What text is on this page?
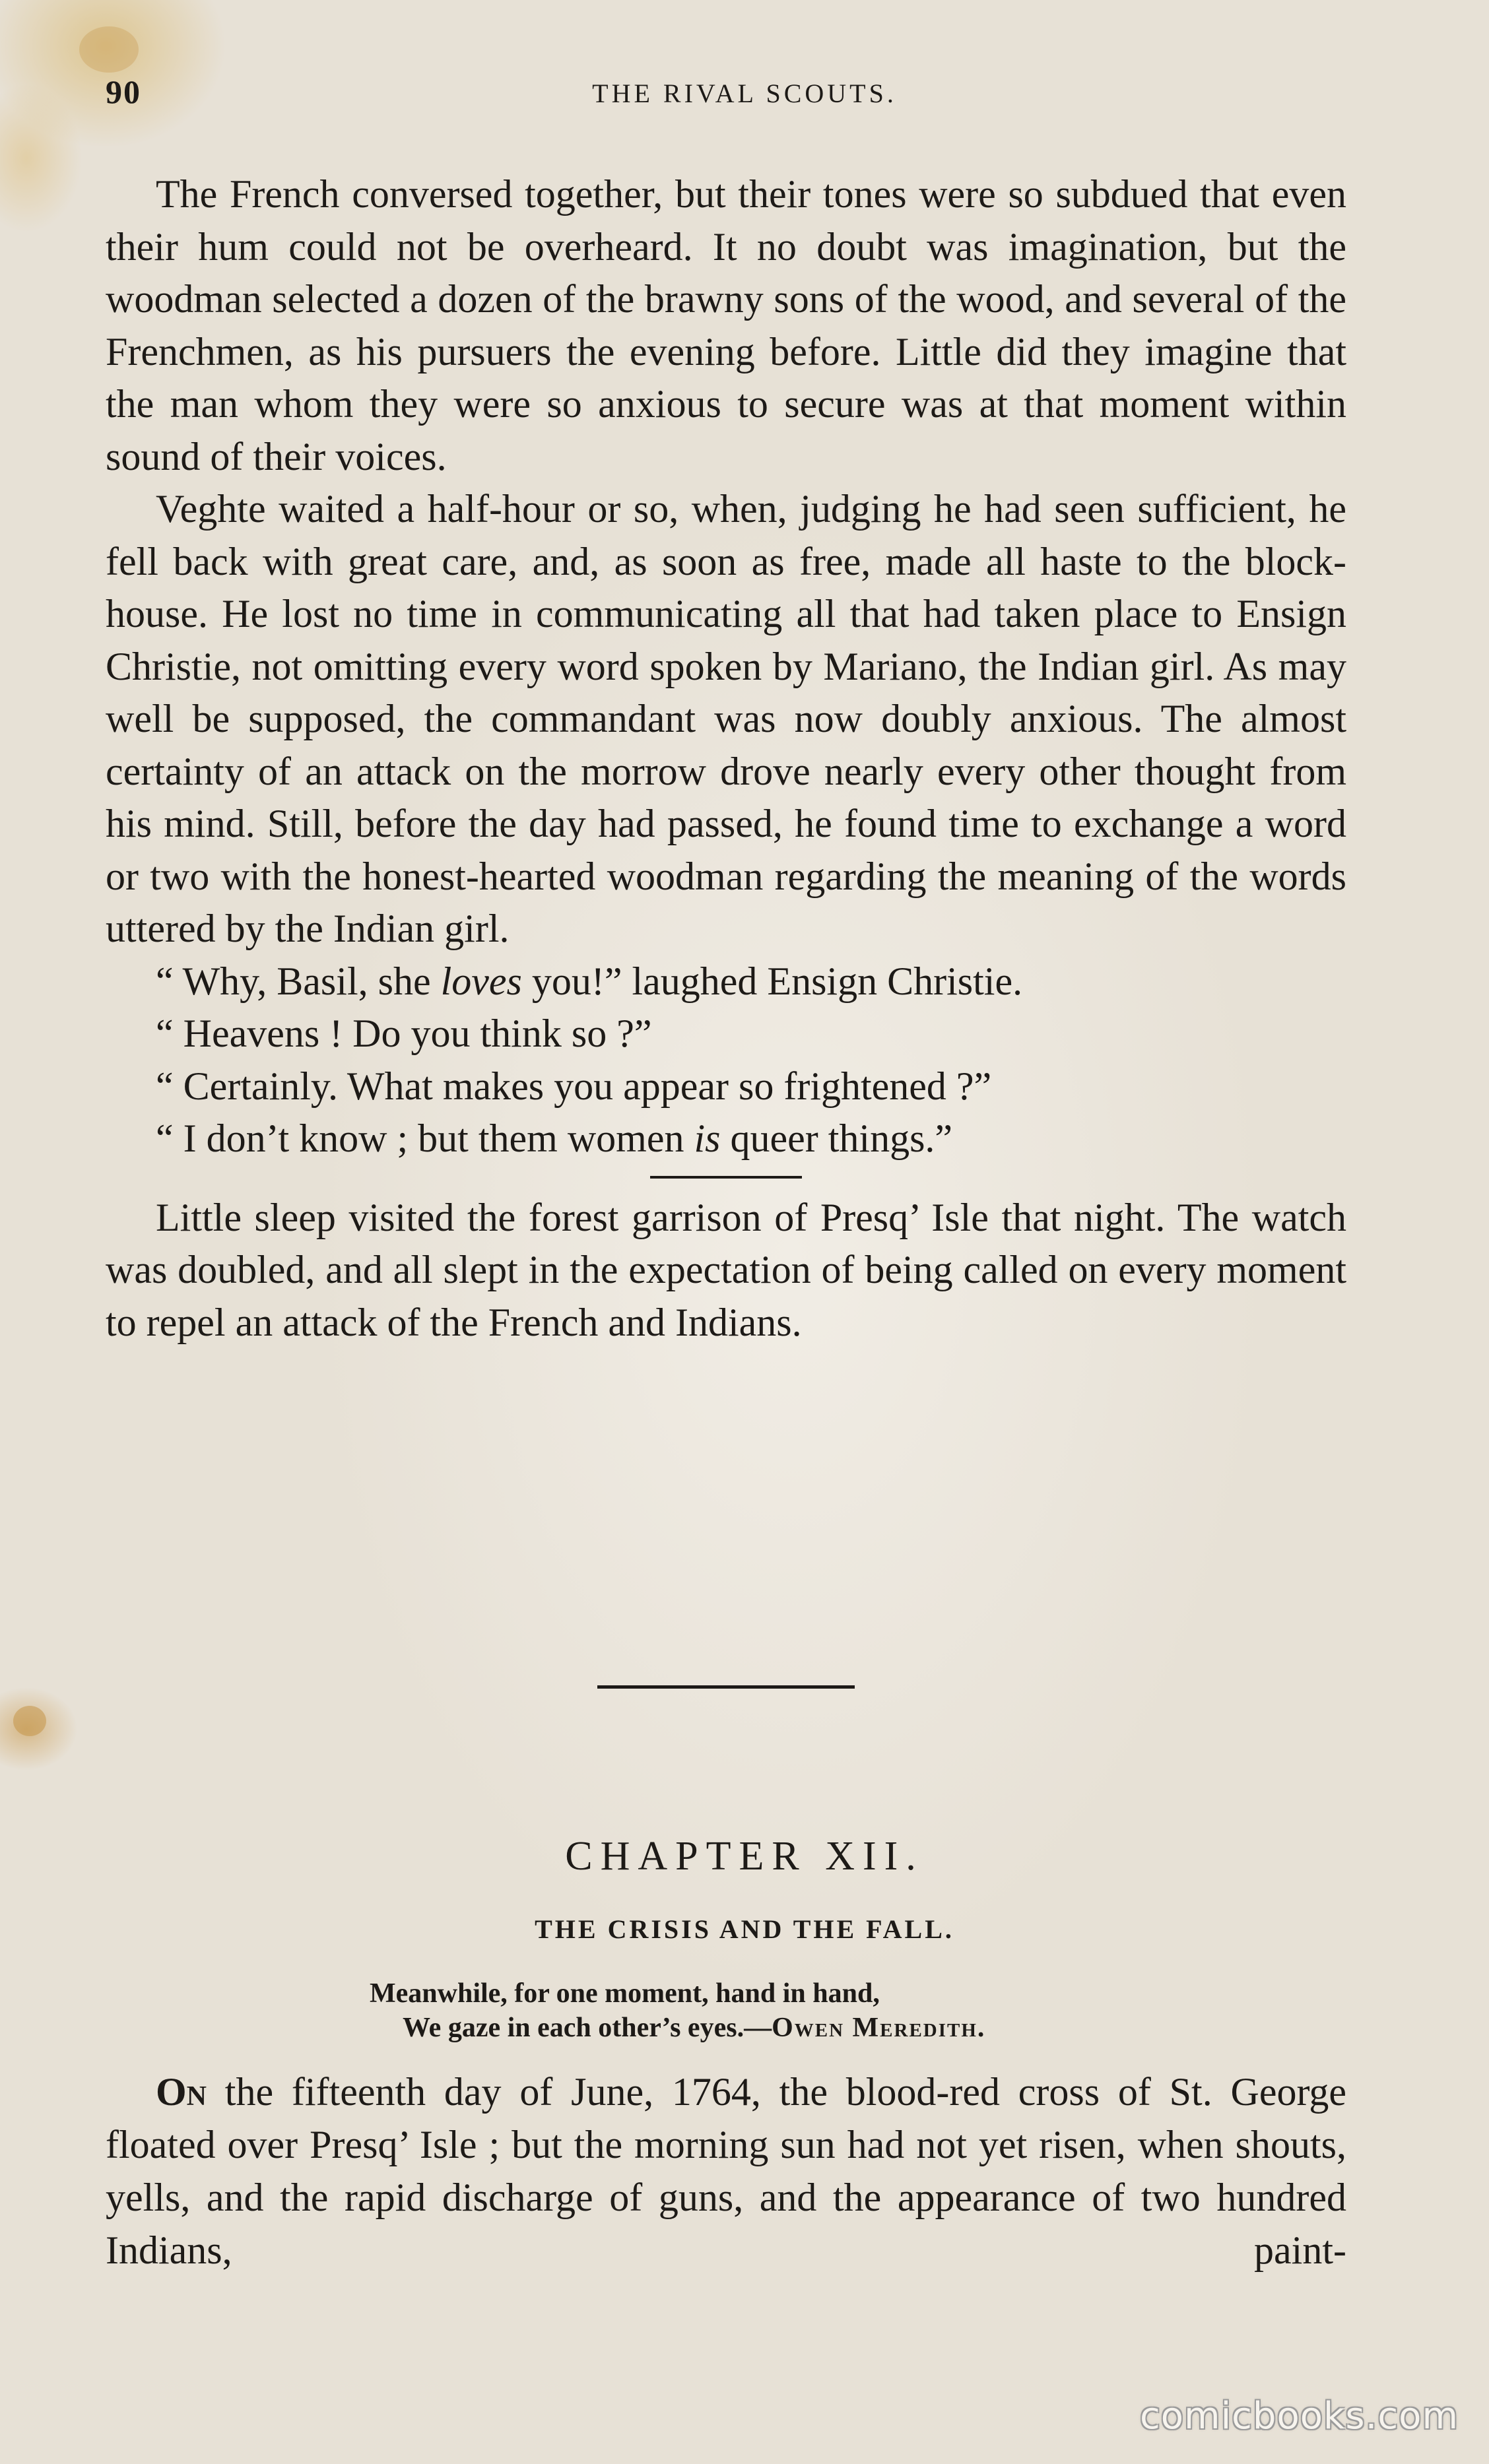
90	THE RIVAL SCOUTS.

The French conversed together, but their tones were so subdued that even their hum could not be overheard. It no doubt was imagination, but the woodman selected a dozen of the brawny sons of the wood, and several of the Frenchmen, as his pursuers the evening before. Little did they imagine that the man whom they were so anxious to secure was at that moment within sound of their voices.

Veghte waited a half-hour or so, when, judging he had seen sufficient, he fell back with great care, and, as soon as free, made all haste to the block-house. He lost no time in communicating all that had taken place to Ensign Christie, not omitting every word spoken by Mariano, the Indian girl. As may well be supposed, the commandant was now doubly anxious. The almost certainty of an attack on the morrow drove nearly every other thought from his mind. Still, before the day had passed, he found time to exchange a word or two with the honest-hearted woodman regarding the meaning of the words uttered by the Indian girl.

“ Why, Basil, she loves you!” laughed Ensign Christie.

“ Heavens ! Do you think so ?”

“ Certainly. What makes you appear so frightened ?”

“ I don’t know ; but them women is queer things.”

Little sleep visited the forest garrison of Presq’ Isle that night. The watch was doubled, and all slept in the expectation of being called on every moment to repel an attack of the French and Indians.

CHAPTER XII.
THE CRISIS AND THE FALL.
Meanwhile, for one moment, hand in hand,
We gaze in each other’s eyes.—Owen Meredith.

On the fifteenth day of June, 1764, the blood-red cross of St. George floated over Presq’ Isle ; but the morning sun had not yet risen, when shouts, yells, and the rapid discharge of guns, and the appearance of two hundred Indians, paint-

comicbooks.com
